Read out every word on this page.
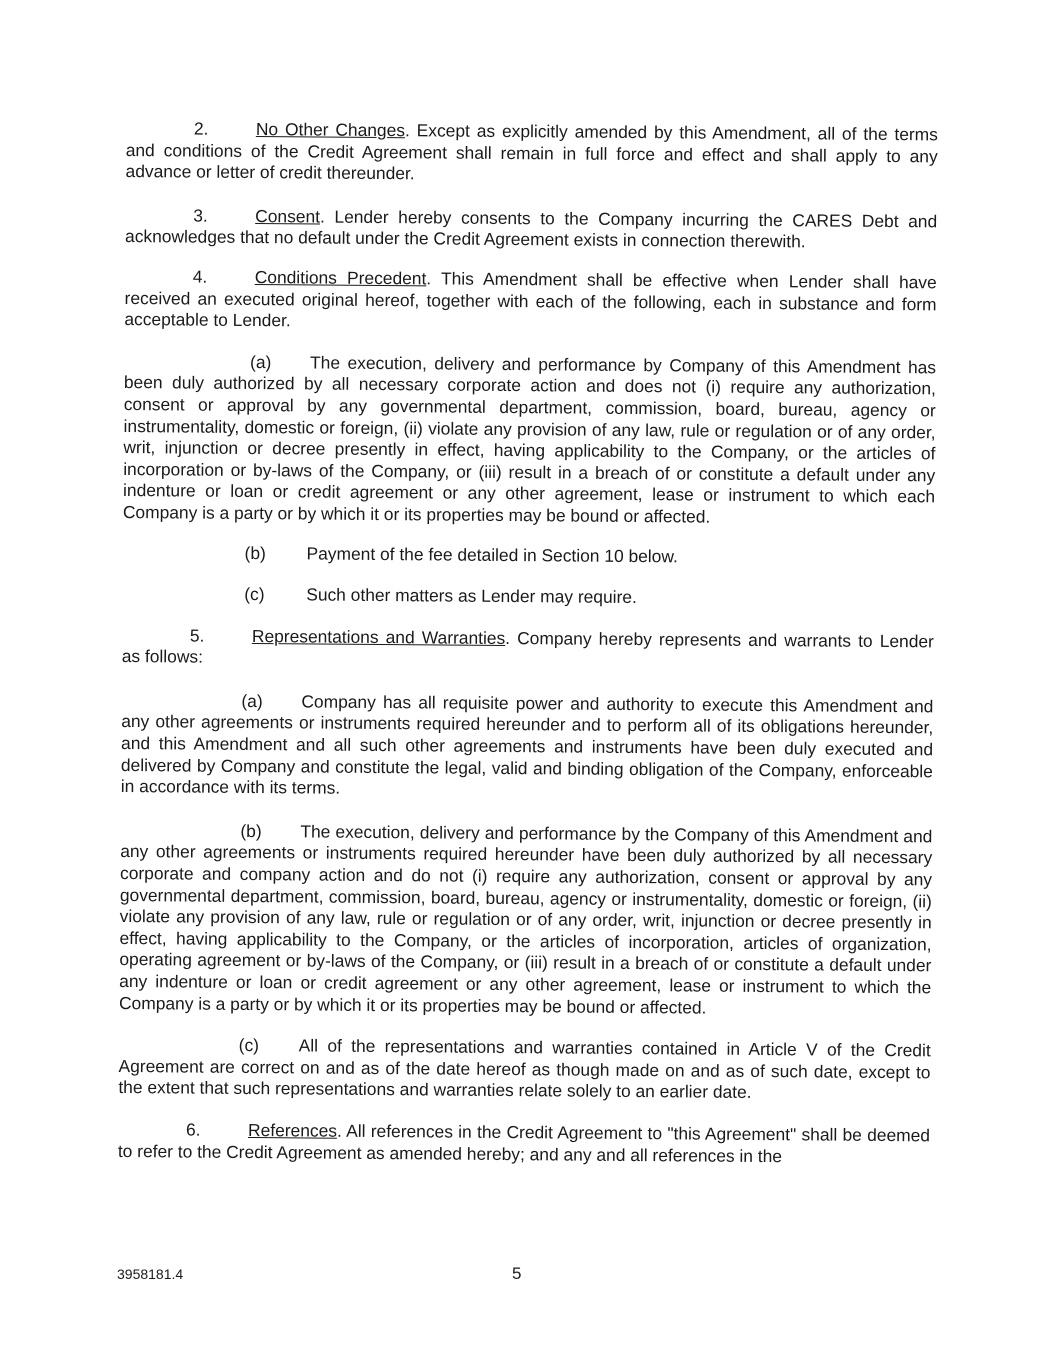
2.	No Other Changes. Except as explicitly amended by this Amendment, all of the terms and conditions of the Credit Agreement shall remain in full force and effect and shall apply to any advance or letter of credit thereunder.

3.	Consent. Lender hereby consents to the Company incurring the CARES Debt and acknowledges that no default under the Credit Agreement exists in connection therewith.

4.	Conditions Precedent. This Amendment shall be effective when Lender shall have received an executed original hereof, together with each of the following, each in substance and form acceptable to Lender.

(a) The execution, delivery and performance by Company of this Amendment has been duly authorized by all necessary corporate action and does not (i) require any authorization, consent or approval by any governmental department, commission, board, bureau, agency or instrumentality, domestic or foreign, (ii) violate any provision of any law, rule or regulation or of any order, writ, injunction or decree presently in effect, having applicability to the Company, or the articles of incorporation or by-laws of the Company, or (iii) result in a breach of or constitute a default under any indenture or loan or credit agreement or any other agreement, lease or instrument to which each Company is a party or by which it or its properties may be bound or affected.

(b) Payment of the fee detailed in Section 10 below.

(c) Such other matters as Lender may require.

5.	Representations and Warranties. Company hereby represents and warrants to Lender as follows:

(a) Company has all requisite power and authority to execute this Amendment and any other agreements or instruments required hereunder and to perform all of its obligations hereunder, and this Amendment and all such other agreements and instruments have been duly executed and delivered by Company and constitute the legal, valid and binding obligation of the Company, enforceable in accordance with its terms.

(b) The execution, delivery and performance by the Company of this Amendment and any other agreements or instruments required hereunder have been duly authorized by all necessary corporate and company action and do not (i) require any authorization, consent or approval by any governmental department, commission, board, bureau, agency or instrumentality, domestic or foreign, (ii) violate any provision of any law, rule or regulation or of any order, writ, injunction or decree presently in effect, having applicability to the Company, or the articles of incorporation, articles of organization, operating agreement or by-laws of the Company, or (iii) result in a breach of or constitute a default under any indenture or loan or credit agreement or any other agreement, lease or instrument to which the Company is a party or by which it or its properties may be bound or affected.

(c) All of the representations and warranties contained in Article V of the Credit Agreement are correct on and as of the date hereof as though made on and as of such date, except to the extent that such representations and warranties relate solely to an earlier date.

6.	References. All references in the Credit Agreement to "this Agreement" shall be deemed to refer to the Credit Agreement as amended hereby; and any and all references in the

3958181.4	5
